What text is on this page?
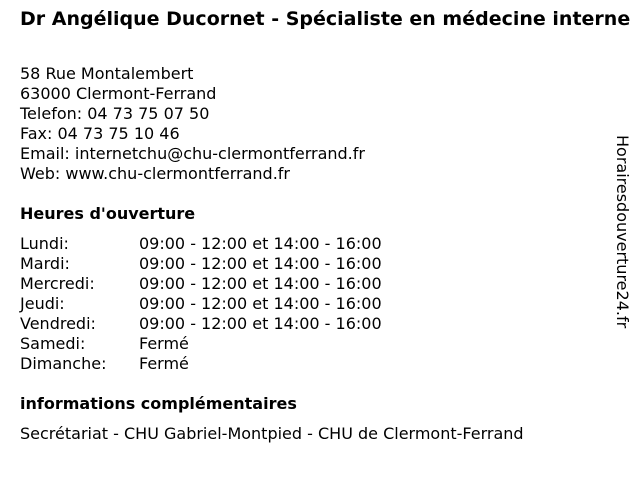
Dr Angélique Ducornet - Spécialiste en médecine interne
58 Rue Montalembert
63000 Clermont-Ferrand
Telefon: 04 73 75 07 50
Fax: 04 73 75 10 46
Email: internetchu@chu-clermontferrand.fr
Web: www.chu-clermontferrand.fr
Heures d'ouverture
Lundi:	09:00 - 12:00 et 14:00 - 16:00
Mardi:	09:00 - 12:00 et 14:00 - 16:00
Mercredi:	09:00 - 12:00 et 14:00 - 16:00
Jeudi:	09:00 - 12:00 et 14:00 - 16:00
Vendredi:	09:00 - 12:00 et 14:00 - 16:00
Samedi:	Fermé
Dimanche: Fermé
informations complémentaires
Secrétariat - CHU Gabriel-Montpied - CHU de Clermont-Ferrand
Horairesdouverture24.fr
